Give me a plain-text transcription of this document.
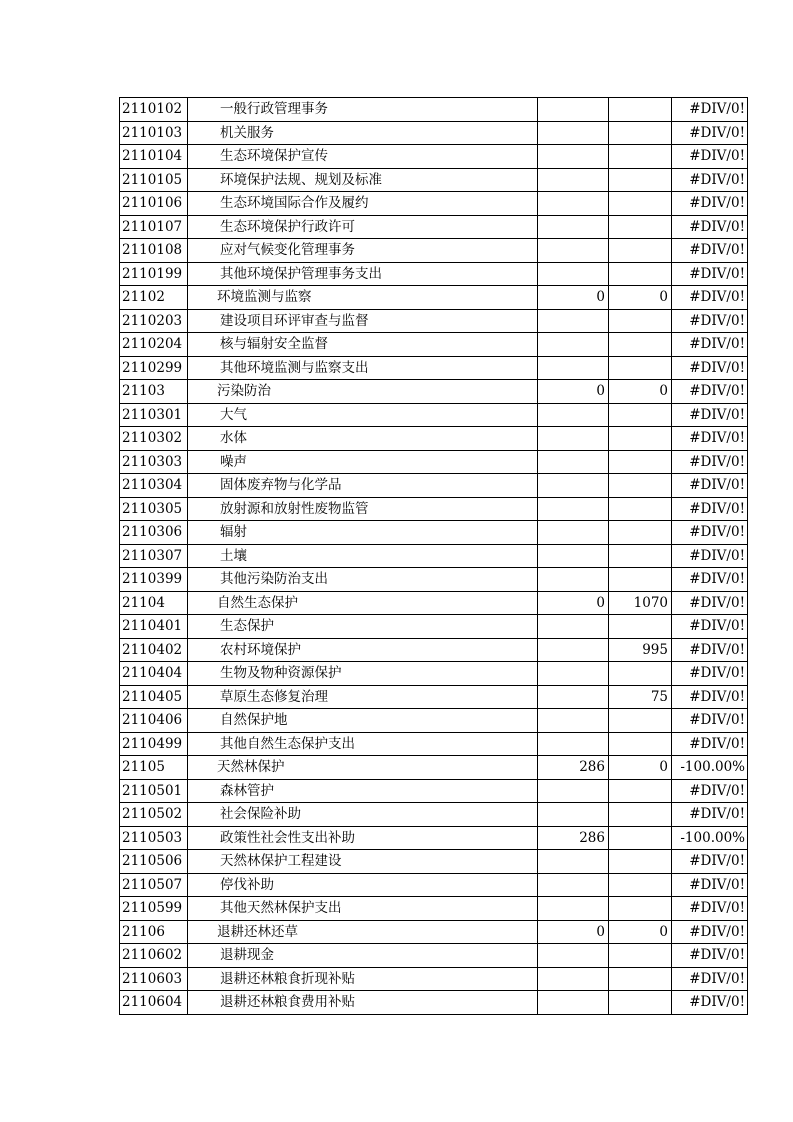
2110102	一般行政管理事务			#DIV/0!
2110103	机关服务			#DIV/0!
2110104	生态环境保护宣传			#DIV/0!
2110105	环境保护法规、规划及标准			#DIV/0!
2110106	生态环境国际合作及履约			#DIV/0!
2110107	生态环境保护行政许可			#DIV/0!
2110108	应对气候变化管理事务			#DIV/0!
2110199	其他环境保护管理事务支出			#DIV/0!
21102	环境监测与监察	0	0	#DIV/0!
2110203	建设项目环评审查与监督			#DIV/0!
2110204	核与辐射安全监督			#DIV/0!
2110299	其他环境监测与监察支出			#DIV/0!
21103	污染防治	0	0	#DIV/0!
2110301	大气			#DIV/0!
2110302	水体			#DIV/0!
2110303	噪声			#DIV/0!
2110304	固体废弃物与化学品			#DIV/0!
2110305	放射源和放射性废物监管			#DIV/0!
2110306	辐射			#DIV/0!
2110307	土壤			#DIV/0!
2110399	其他污染防治支出			#DIV/0!
21104	自然生态保护	0	1070	#DIV/0!
2110401	生态保护			#DIV/0!
2110402	农村环境保护		995	#DIV/0!
2110404	生物及物种资源保护			#DIV/0!
2110405	草原生态修复治理		75	#DIV/0!
2110406	自然保护地			#DIV/0!
2110499	其他自然生态保护支出			#DIV/0!
21105	天然林保护	286	0	-100.00%
2110501	森林管护			#DIV/0!
2110502	社会保险补助			#DIV/0!
2110503	政策性社会性支出补助	286		-100.00%
2110506	天然林保护工程建设			#DIV/0!
2110507	停伐补助			#DIV/0!
2110599	其他天然林保护支出			#DIV/0!
21106	退耕还林还草	0	0	#DIV/0!
2110602	退耕现金			#DIV/0!
2110603	退耕还林粮食折现补贴			#DIV/0!
2110604	退耕还林粮食费用补贴			#DIV/0!
